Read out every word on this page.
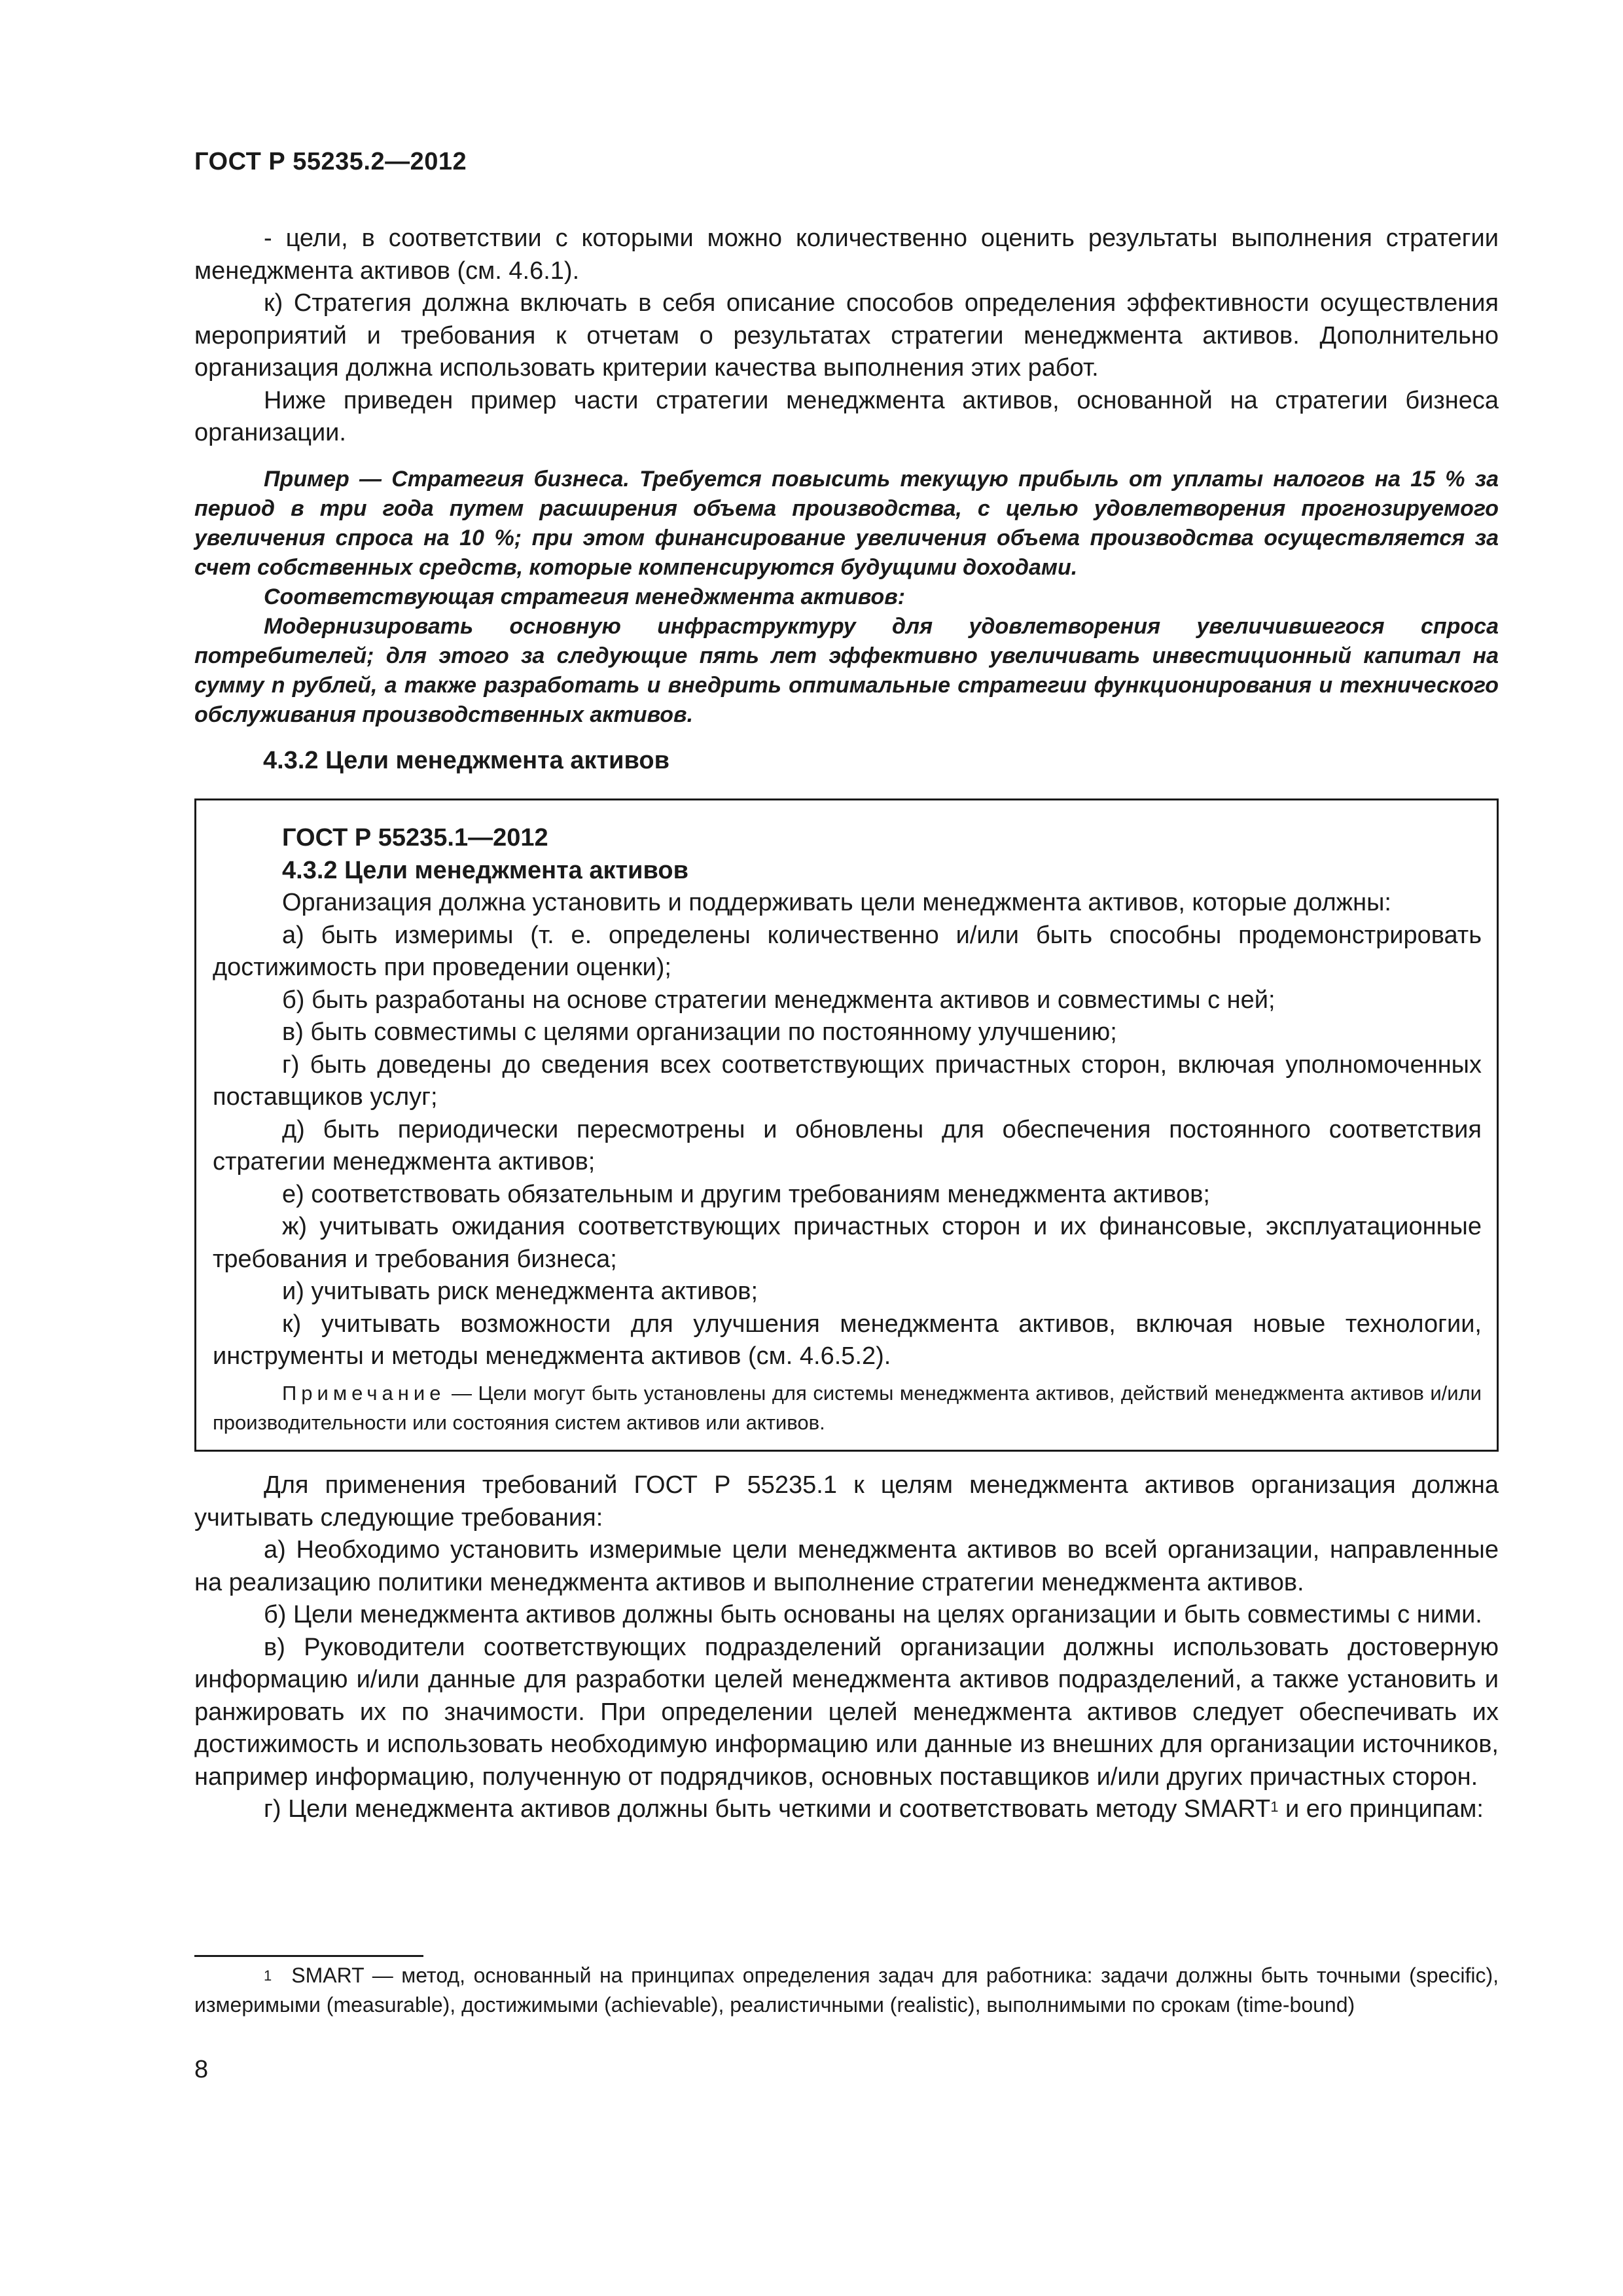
ГОСТ Р 55235.2—2012

- цели, в соответствии с которыми можно количественно оценить результаты выполнения стратегии менеджмента активов (см. 4.6.1).

к) Стратегия должна включать в себя описание способов определения эффективности осуществления мероприятий и требования к отчетам о результатах стратегии менеджмента активов. Дополнительно организация должна использовать критерии качества выполнения этих работ.

Ниже приведен пример части стратегии менеджмента активов, основанной на стратегии бизнеса организации.

Пример — Стратегия бизнеса. Требуется повысить текущую прибыль от уплаты налогов на 15 % за период в три года путем расширения объема производства, с целью удовлетворения прогнозируемого увеличения спроса на 10 %; при этом финансирование увеличения объема производства осуществляется за счет собственных средств, которые компенсируются будущими доходами.

Соответствующая стратегия менеджмента активов:

Модернизировать основную инфраструктуру для удовлетворения увеличившегося спроса потребителей; для этого за следующие пять лет эффективно увеличивать инвестиционный капитал на сумму n рублей, а также разработать и внедрить оптимальные стратегии функционирования и технического обслуживания производственных активов.

4.3.2 Цели менеджмента активов

ГОСТ Р 55235.1—2012

4.3.2 Цели менеджмента активов

Организация должна установить и поддерживать цели менеджмента активов, которые должны:

а) быть измеримы (т. е. определены количественно и/или быть способны продемонстрировать достижимость при проведении оценки);

б) быть разработаны на основе стратегии менеджмента активов и совместимы с ней;

в) быть совместимы с целями организации по постоянному улучшению;

г) быть доведены до сведения всех соответствующих причастных сторон, включая уполномоченных поставщиков услуг;

д) быть периодически пересмотрены и обновлены для обеспечения постоянного соответствия стратегии менеджмента активов;

е) соответствовать обязательным и другим требованиям менеджмента активов;

ж) учитывать ожидания соответствующих причастных сторон и их финансовые, эксплуатационные требования и требования бизнеса;

и) учитывать риск менеджмента активов;

к) учитывать возможности для улучшения менеджмента активов, включая новые технологии, инструменты и методы менеджмента активов (см. 4.6.5.2).

Примечание — Цели могут быть установлены для системы менеджмента активов, действий менеджмента активов и/или производительности или состояния систем активов или активов.

Для применения требований ГОСТ Р 55235.1 к целям менеджмента активов организация должна учитывать следующие требования:

а) Необходимо установить измеримые цели менеджмента активов во всей организации, направленные на реализацию политики менеджмента активов и выполнение стратегии менеджмента активов.

б) Цели менеджмента активов должны быть основаны на целях организации и быть совместимы с ними.

в) Руководители соответствующих подразделений организации должны использовать достоверную информацию и/или данные для разработки целей менеджмента активов подразделений, а также установить и ранжировать их по значимости. При определении целей менеджмента активов следует обеспечивать их достижимость и использовать необходимую информацию или данные из внешних для организации источников, например информацию, полученную от подрядчиков, основных поставщиков и/или других причастных сторон.

г) Цели менеджмента активов должны быть четкими и соответствовать методу SMART$^1$ и его принципам:

$^1$ SMART — метод, основанный на принципах определения задач для работника: задачи должны быть точными (specific), измеримыми (measurable), достижимыми (achievable), реалистичными (realistic), выполнимыми по срокам (time-bound)

8
